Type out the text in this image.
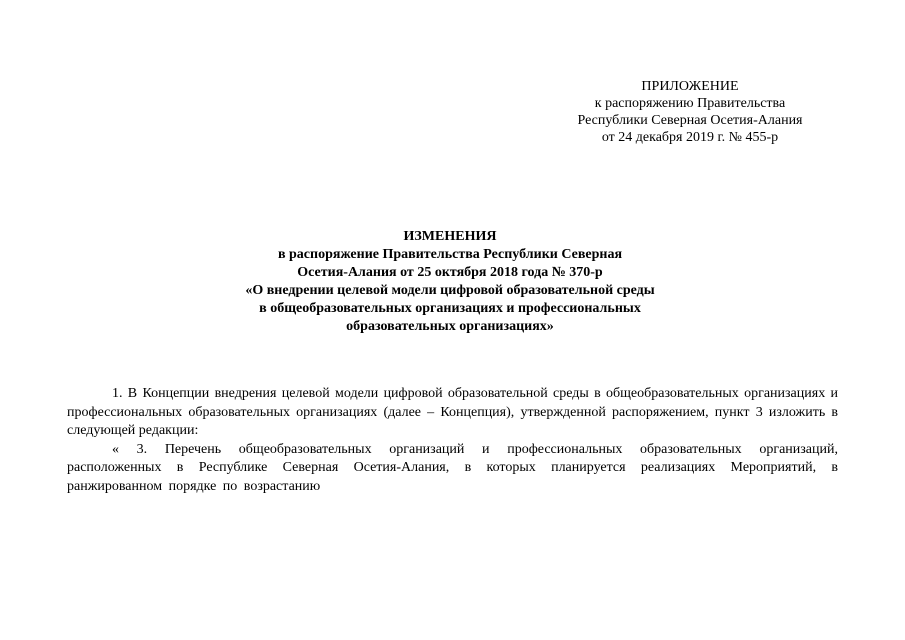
ПРИЛОЖЕНИЕ
к распоряжению Правительства
Республики Северная Осетия-Алания
от 24 декабря 2019 г. № 455-р
ИЗМЕНЕНИЯ
в распоряжение Правительства Республики Северная
Осетия-Алания от 25 октября 2018 года № 370-р
«О внедрении целевой модели цифровой образовательной среды
в общеобразовательных организациях и профессиональных
образовательных организациях»

1. В Концепции внедрения целевой модели цифровой образовательной среды в общеобразовательных организациях и профессиональных образовательных организациях (далее – Концепция), утвержденной распоряжением, пункт 3 изложить в следующей редакции:

« 3. Перечень общеобразовательных организаций и профессиональных образовательных организаций, расположенных в Республике Северная Осетия-Алания, в которых планируется реализациях Мероприятий, в ранжированном порядке по возрастанию
